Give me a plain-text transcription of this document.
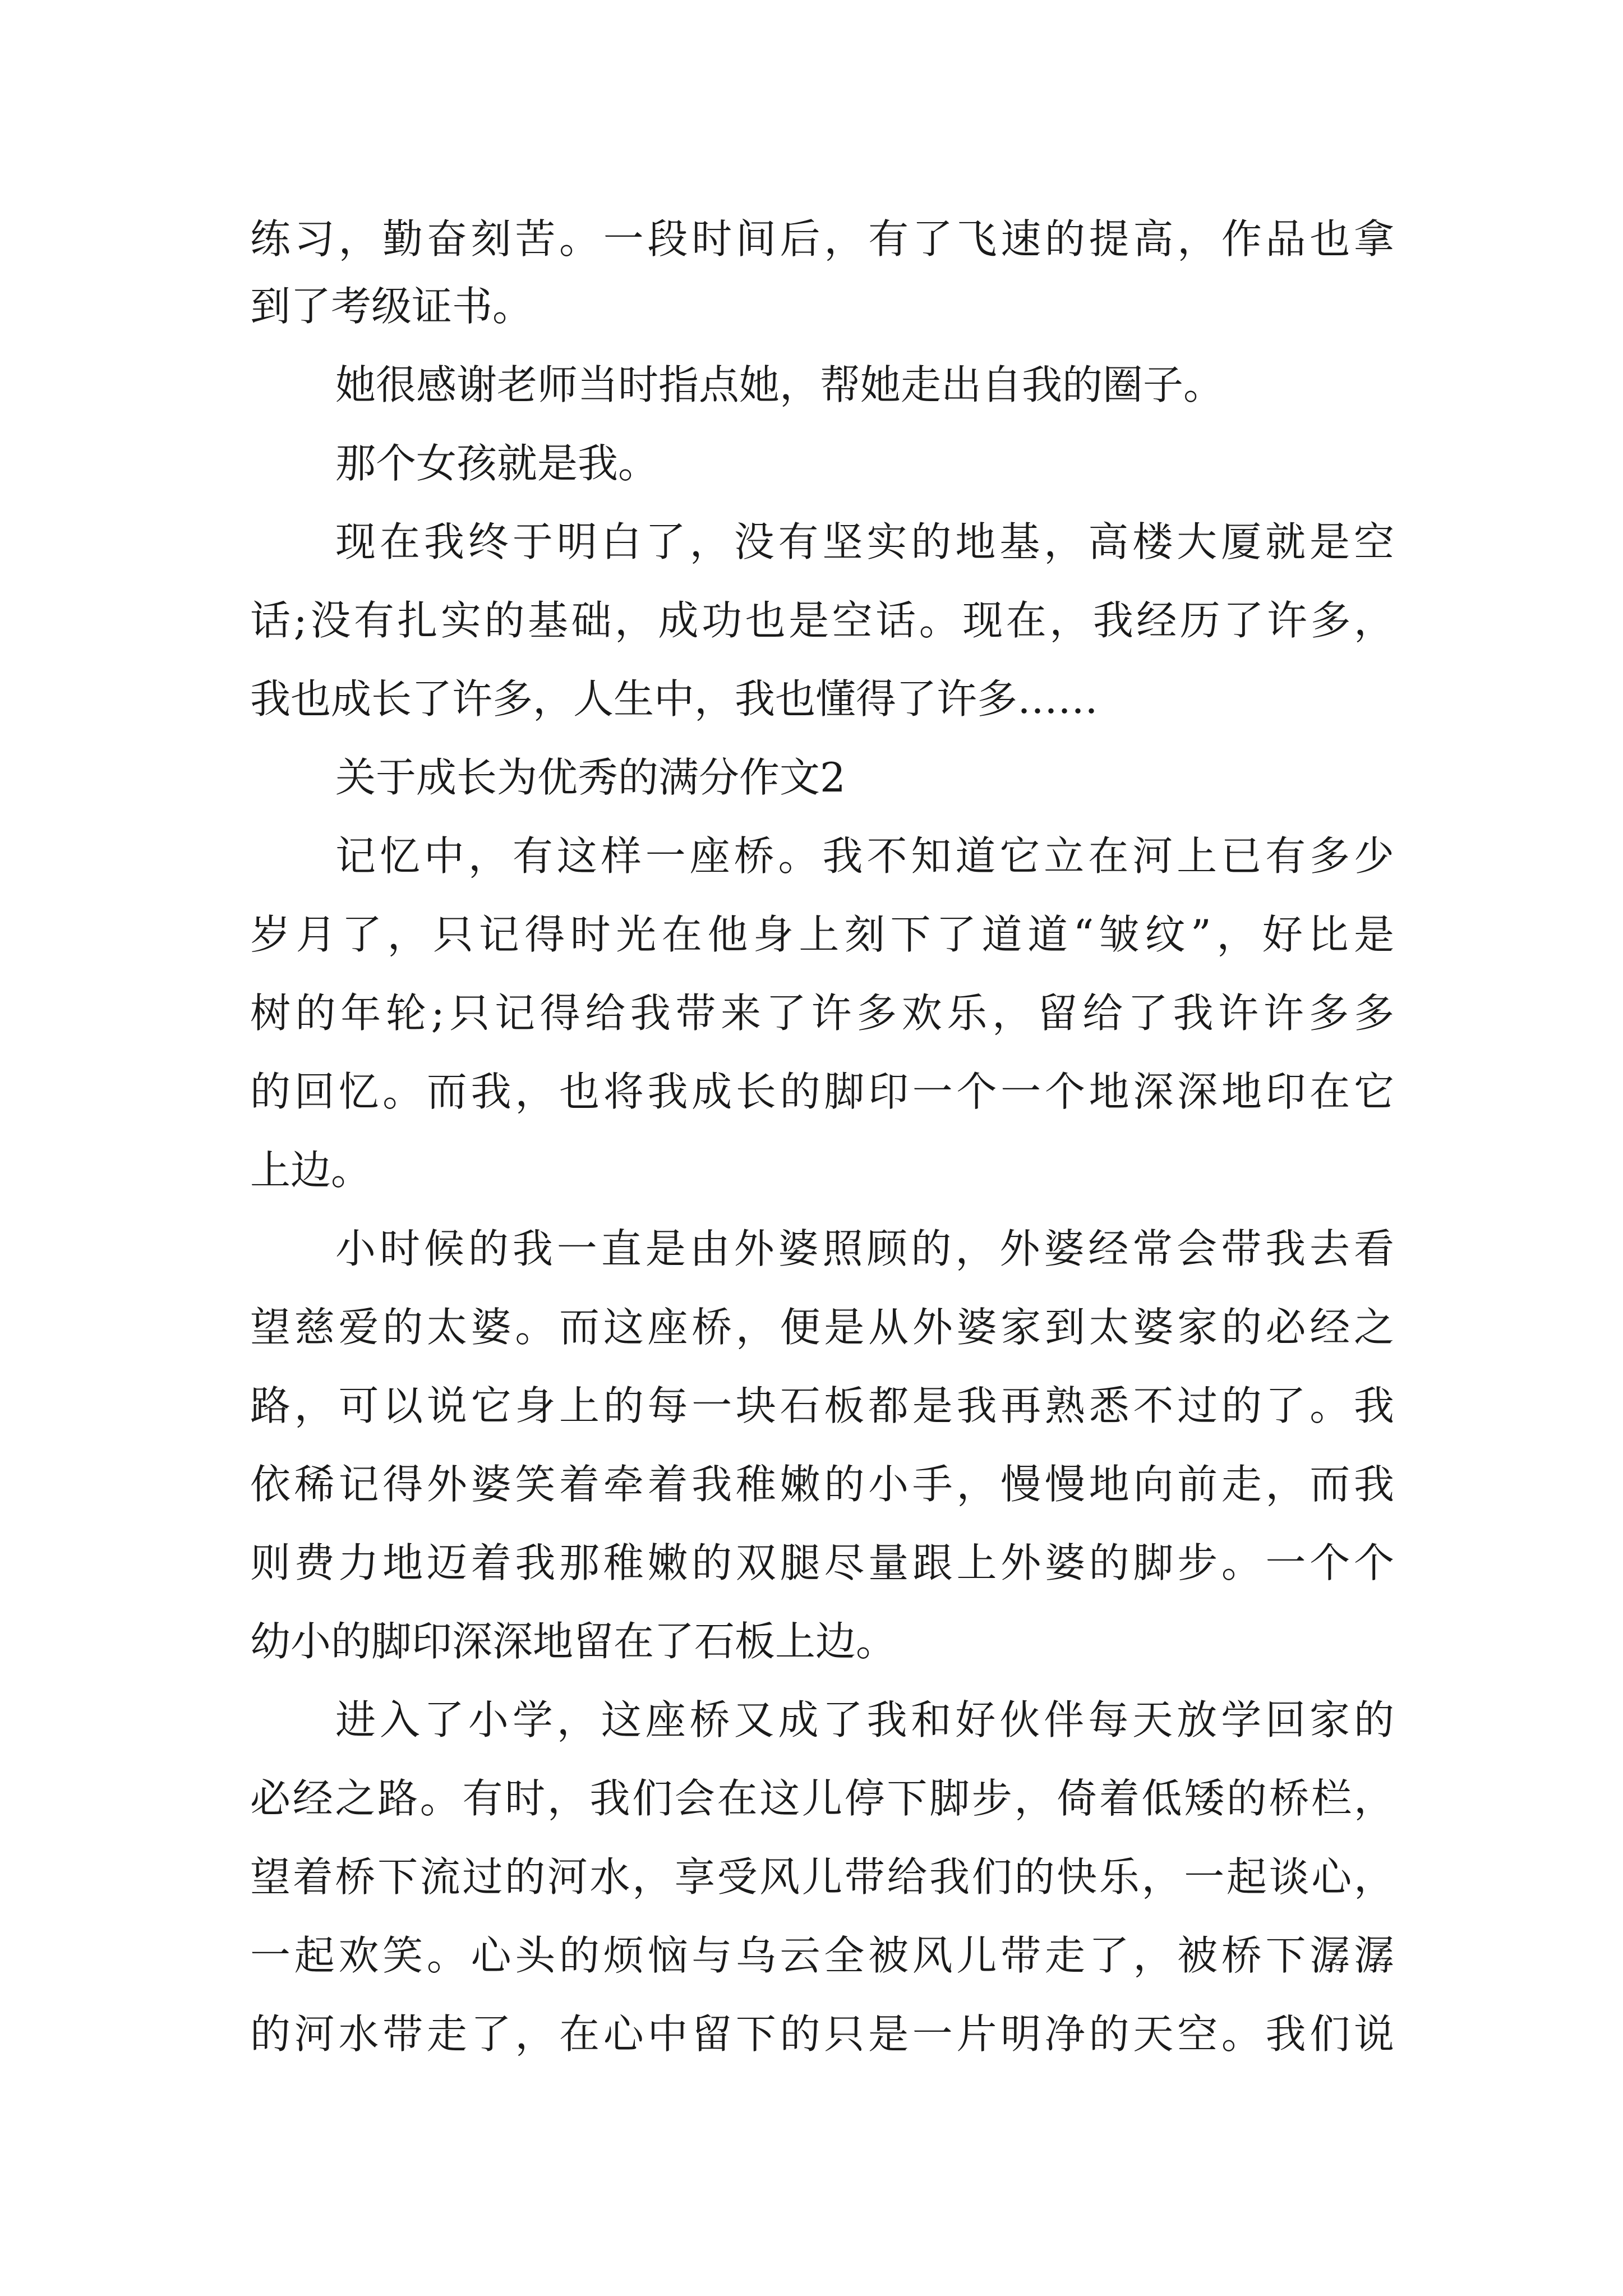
练习，勤奋刻苦。一段时间后，有了飞速的提高，作品也拿
到了考级证书。
她很感谢老师当时指点她，帮她走出自我的圈子。
那个女孩就是我。
现在我终于明白了，没有坚实的地基，高楼大厦就是空
话;没有扎实的基础，成功也是空话。现在，我经历了许多，
我也成长了许多，人生中，我也懂得了许多……
关于成长为优秀的满分作文2
记忆中，有这样一座桥。我不知道它立在河上已有多少
岁月了，只记得时光在他身上刻下了道道“皱纹”，好比是
树的年轮;只记得给我带来了许多欢乐，留给了我许许多多
的回忆。而我，也将我成长的脚印一个一个地深深地印在它
上边。
小时候的我一直是由外婆照顾的，外婆经常会带我去看
望慈爱的太婆。而这座桥，便是从外婆家到太婆家的必经之
路，可以说它身上的每一块石板都是我再熟悉不过的了。我
依稀记得外婆笑着牵着我稚嫩的小手，慢慢地向前走，而我
则费力地迈着我那稚嫩的双腿尽量跟上外婆的脚步。一个个
幼小的脚印深深地留在了石板上边。
进入了小学，这座桥又成了我和好伙伴每天放学回家的
必经之路。有时，我们会在这儿停下脚步，倚着低矮的桥栏，
望着桥下流过的河水，享受风儿带给我们的快乐，一起谈心，
一起欢笑。心头的烦恼与乌云全被风儿带走了，被桥下潺潺
的河水带走了，在心中留下的只是一片明净的天空。我们说
